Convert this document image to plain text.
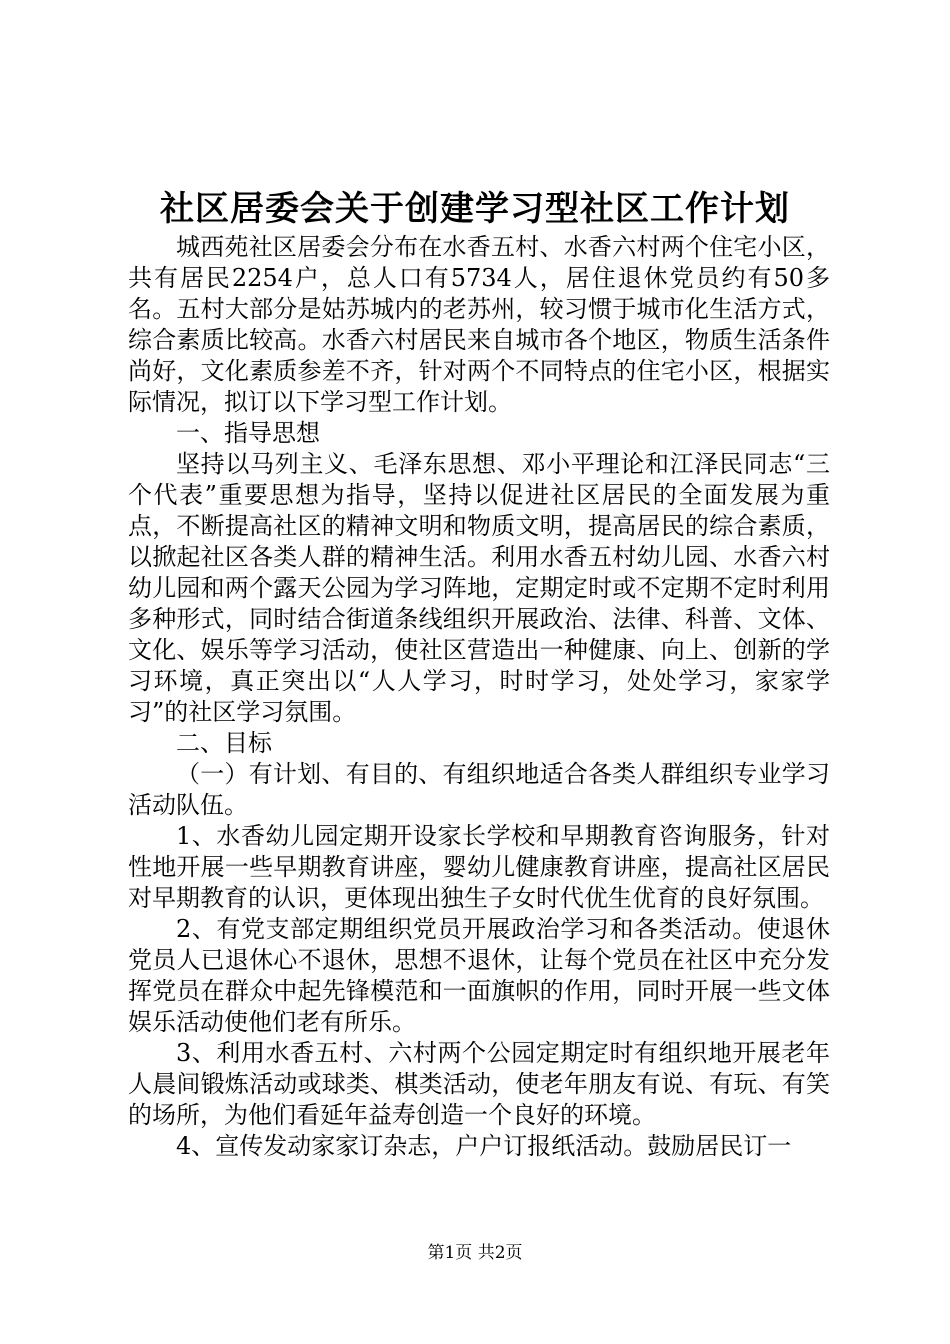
社区居委会关于创建学习型社区工作计划

城西苑社区居委会分布在水香五村、水香六村两个住宅小区，共有居民2254户，总人口有5734人，居住退休党员约有50多名。五村大部分是姑苏城内的老苏州，较习惯于城市化生活方式，综合素质比较高。水香六村居民来自城市各个地区，物质生活条件尚好，文化素质参差不齐，针对两个不同特点的住宅小区，根据实际情况，拟订以下学习型工作计划。

一、指导思想

坚持以马列主义、毛泽东思想、邓小平理论和江泽民同志“三个代表”重要思想为指导，坚持以促进社区居民的全面发展为重点，不断提高社区的精神文明和物质文明，提高居民的综合素质，以掀起社区各类人群的精神生活。利用水香五村幼儿园、水香六村幼儿园和两个露天公园为学习阵地，定期定时或不定期不定时利用多种形式，同时结合街道条线组织开展政治、法律、科普、文体、文化、娱乐等学习活动，使社区营造出一种健康、向上、创新的学习环境，真正突出以“人人学习，时时学习，处处学习，家家学习”的社区学习氛围。

二、目标

（一）有计划、有目的、有组织地适合各类人群组织专业学习活动队伍。

1、水香幼儿园定期开设家长学校和早期教育咨询服务，针对性地开展一些早期教育讲座，婴幼儿健康教育讲座，提高社区居民对早期教育的认识，更体现出独生子女时代优生优育的良好氛围。

2、有党支部定期组织党员开展政治学习和各类活动。使退休党员人已退休心不退休，思想不退休，让每个党员在社区中充分发挥党员在群众中起先锋模范和一面旗帜的作用，同时开展一些文体娱乐活动使他们老有所乐。

3、利用水香五村、六村两个公园定期定时有组织地开展老年人晨间锻炼活动或球类、棋类活动，使老年朋友有说、有玩、有笑的场所，为他们看延年益寿创造一个良好的环境。

4、宣传发动家家订杂志，户户订报纸活动。鼓励居民订一

第1页 共2页
